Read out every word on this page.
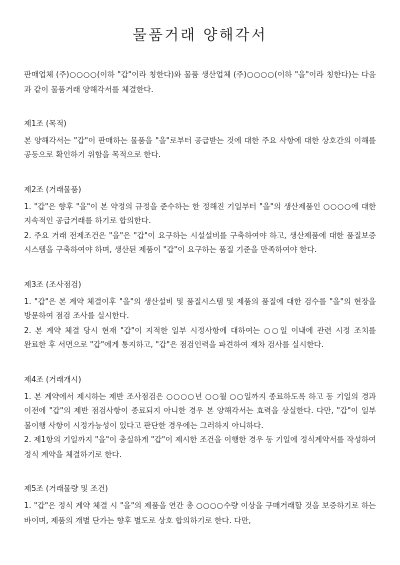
물품거래 양해각서
판매업체 (주)○○○○(이하 "갑"이라 칭한다)와 물품 생산업체 (주)○○○○(이하 "을"이라 칭한다)는 다음과 같이 물품거래 양해각서를 체결한다.
제1조 (목적)
본 양해각서는 "갑"이 판매하는 물품을 "을"로부터 공급받는 것에 대한 주요 사항에 대한 상호간의 이해를 공동으로 확인하기 위함을 목적으로 한다.
제2조 (거래물품)
1. "갑"은 향후 "을"이 본 약정의 규정을 준수하는 한 정해진 기일부터 "을"의 생산제품인 ○○○○에 대한 지속적인 공급거래를 하기로 합의한다.
2. 주요 거래 전제조건은 "을"은 "갑"이 요구하는 시설설비를 구축하여야 하고, 생산제품에 대한 품질보증 시스템을 구축하여야 하며, 생산된 제품이 "갑"이 요구하는 품질 기준을 만족하여야 한다.
제3조 (조사점검)
1. "갑"은 본 계약 체결이후 "을"의 생산설비 및 품질시스템 및 제품의 품질에 대한 검수를 "을"의 현장을 방문하여 점검 조사를 실시한다.
2. 본 계약 체결 당시 현재 "갑"이 지적한 일부 시정사항에 대하여는 ○○일 이내에 관련 시정 조치를 완료한 후 서면으로 "갑"에게 통지하고, "갑"은 점검인력을 파견하여 재차 검사를 실시한다.
제4조 (거래개시)
1. 본 계약에서 제시하는 제반 조사점검은 ○○○○년 ○○월 ○○일까지 종료하도록 하고 동 기일의 경과 이전에 "갑"의 제반 점검사항이 종료되지 아니한 경우 본 양해각서는 효력을 상실한다. 다만, "갑"이 일부 불이행 사항이 시정가능성이 있다고 판단한 경우에는 그러하지 아니하다.
2. 제1항의 기일까지 "을"이 충실하게 "갑"이 제시한 조건을 이행한 경우 동 기일에 정식계약서를 작성하여 정식 계약을 체결하기로 한다.
제5조 (거래물량 및 조건)
1. "갑"은 정식 계약 체결 시 "을"의 제품을 연간 총 ○○○○수량 이상을 구매거래할 것을 보증하기로 하는 바이며, 제품의 개별 단가는 향후 별도로 상호 합의하기로 한다. 다만,
